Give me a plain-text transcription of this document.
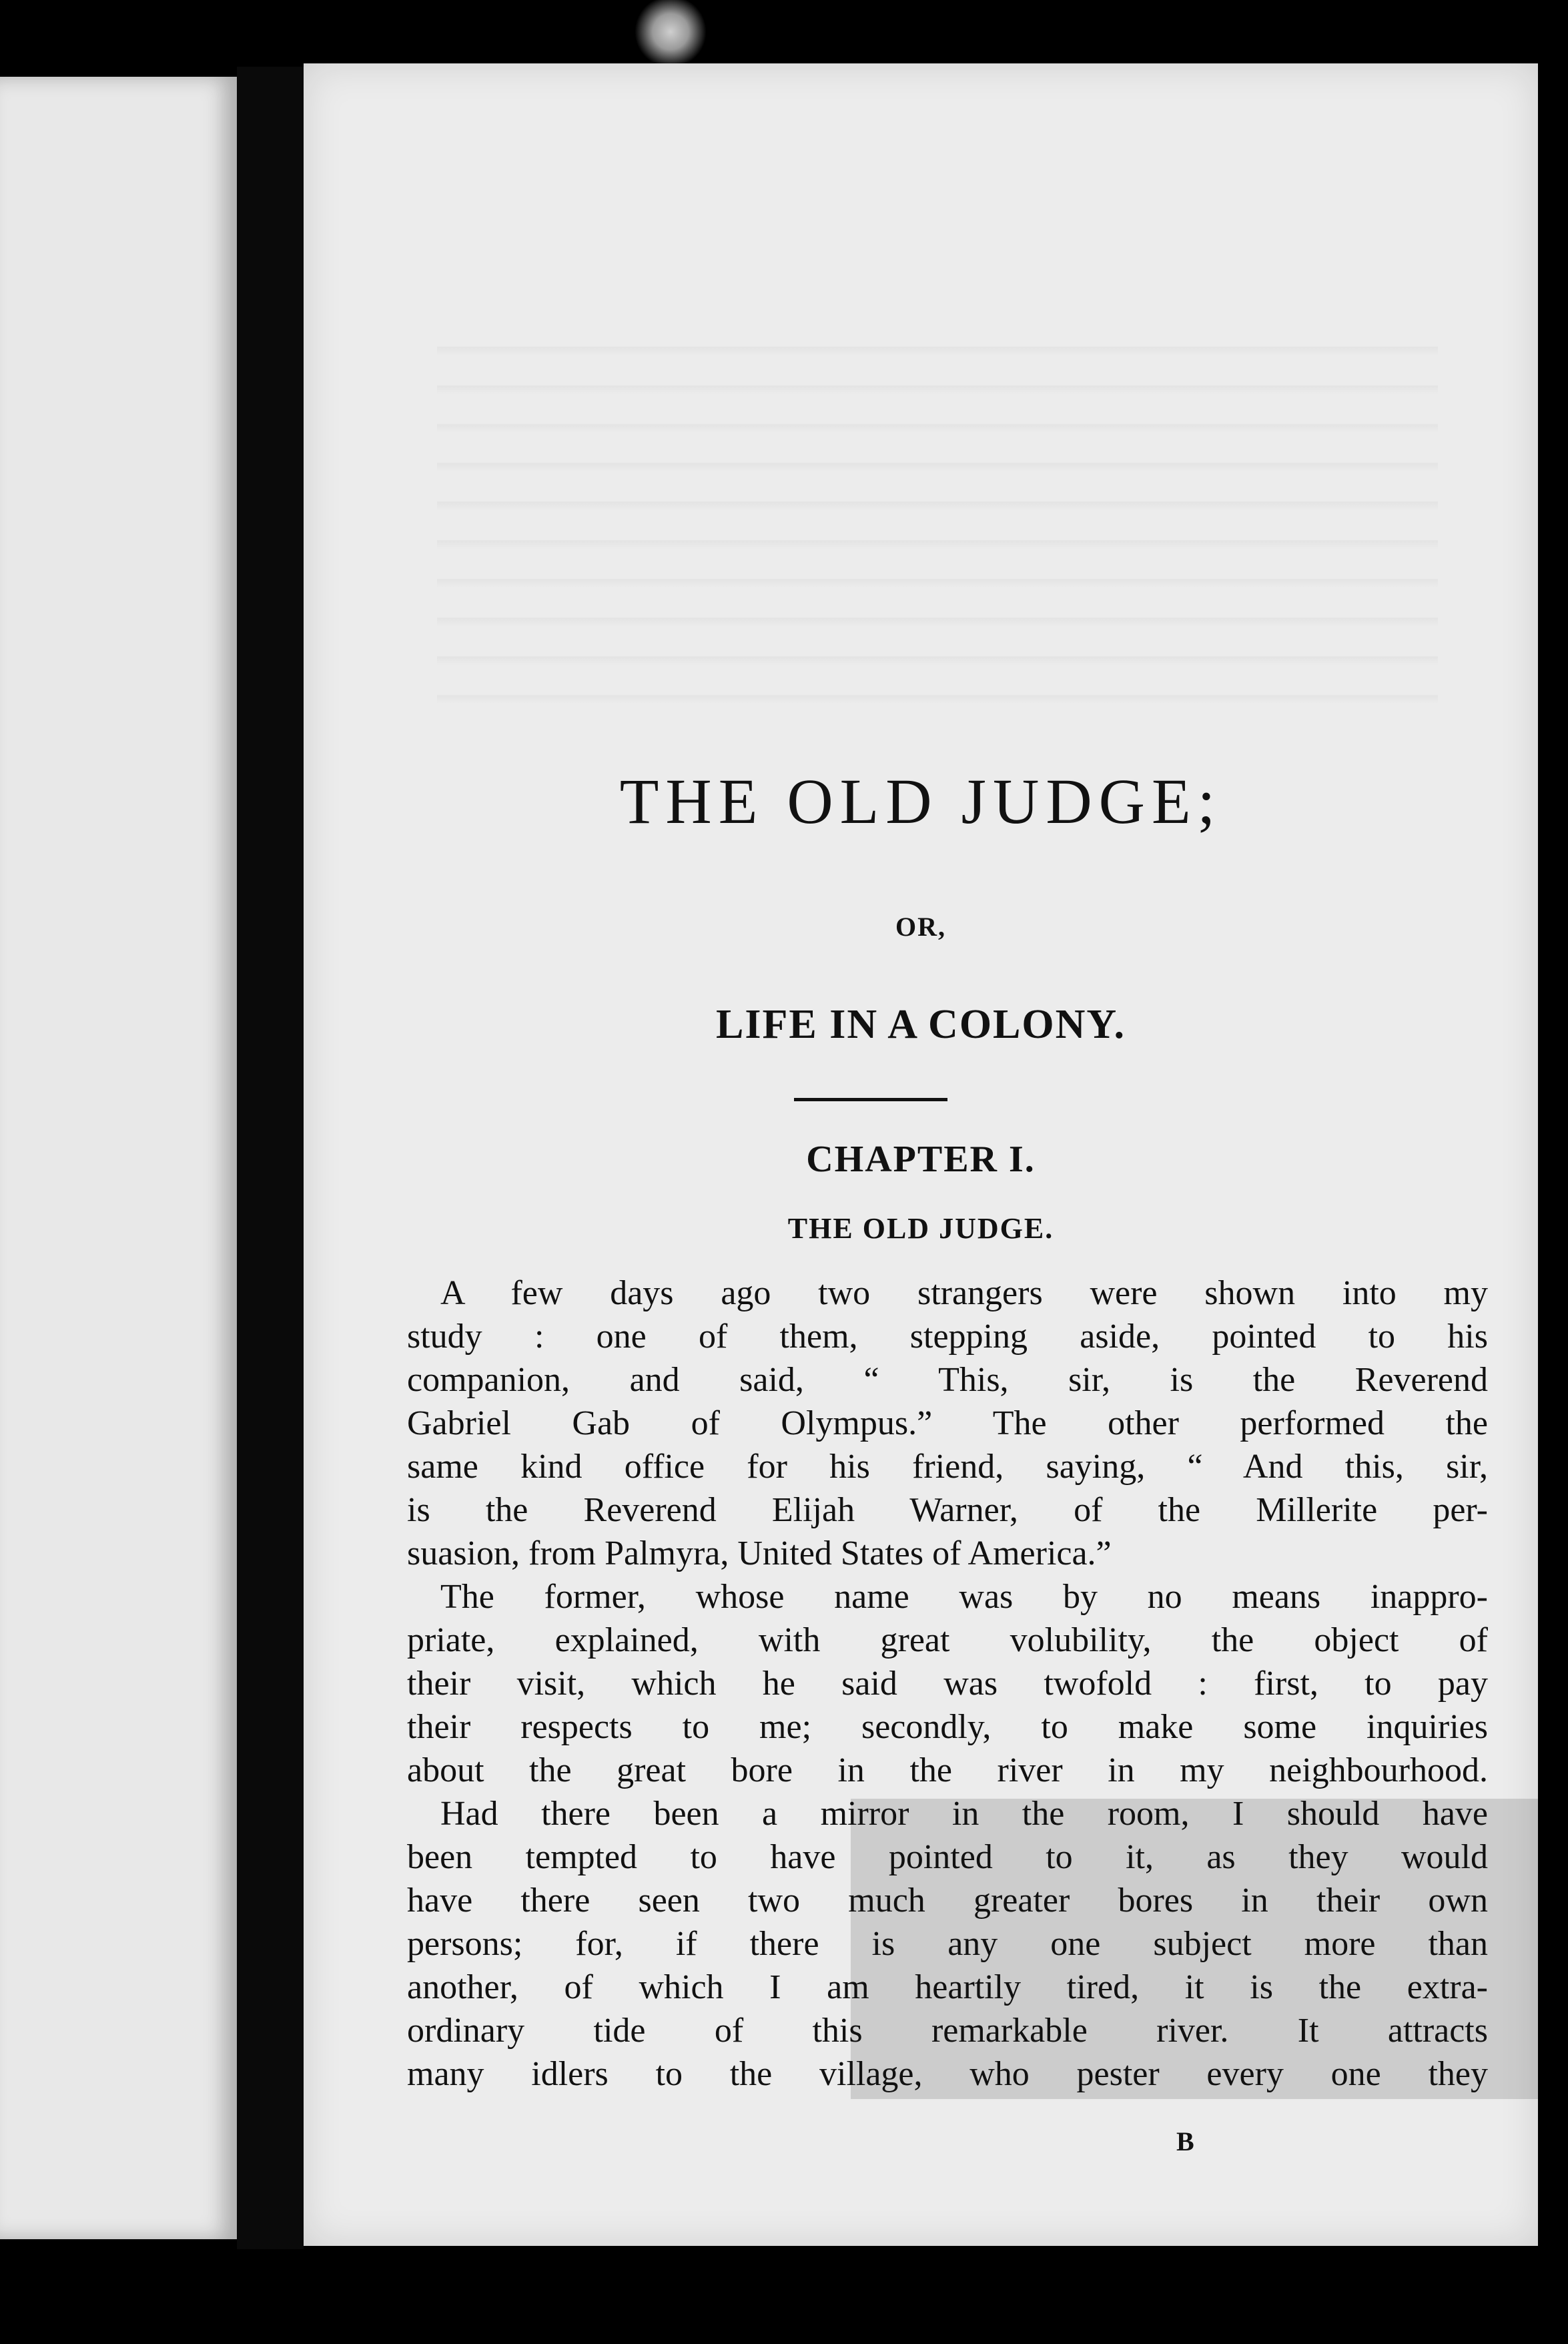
THE OLD JUDGE;
OR,
LIFE IN A COLONY.
CHAPTER I.
THE OLD JUDGE.
A few days ago two strangers were shown into my
study : one of them, stepping aside, pointed to his
companion, and said, “ This, sir, is the Reverend
Gabriel Gab of Olympus.” The other performed the
same kind office for his friend, saying, “ And this, sir,
is the Reverend Elijah Warner, of the Millerite per-
suasion, from Palmyra, United States of America.”
The former, whose name was by no means inappro-
priate, explained, with great volubility, the object of
their visit, which he said was twofold : first, to pay
their respects to me; secondly, to make some inquiries
about the great bore in the river in my neighbourhood.
Had there been a mirror in the room, I should have
been tempted to have pointed to it, as they would
have there seen two much greater bores in their own
persons; for, if there is any one subject more than
another, of which I am heartily tired, it is the extra-
ordinary tide of this remarkable river. It attracts
many idlers to the village, who pester every one they
B
